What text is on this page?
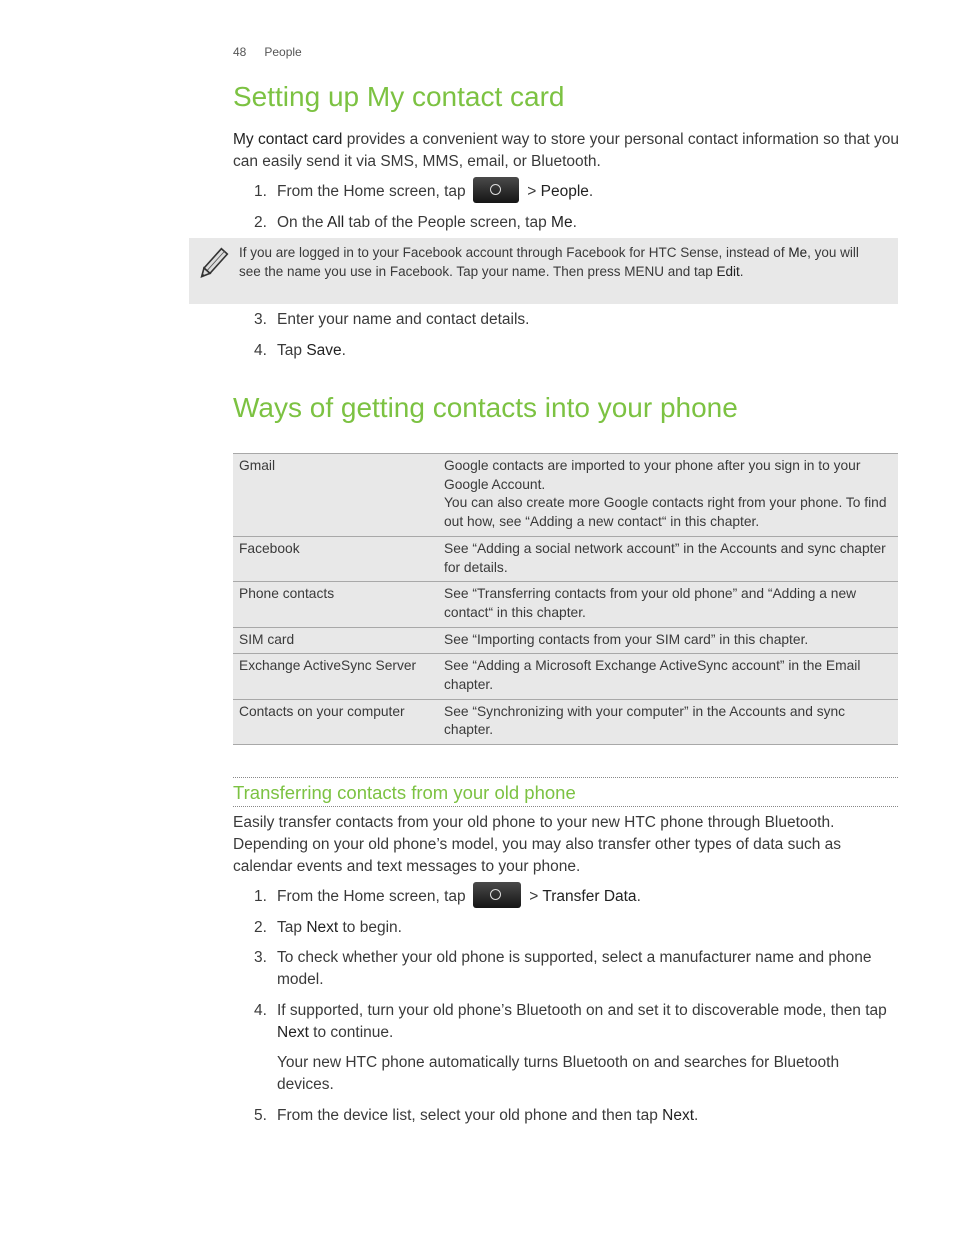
48 People
Setting up My contact card

My contact card provides a convenient way to store your personal contact information so that you can easily send it via SMS, MMS, email, or Bluetooth.

1. From the Home screen, tap	> People.
2. On the All tab of the People screen, tap Me.
If you are logged in to your Facebook account through Facebook for HTC Sense, instead of Me, you will see the name you use in Facebook. Tap your name. Then press MENU and tap Edit.
3. Enter your name and contact details.
4. Tap Save.
Ways of getting contacts into your phone
Gmail	Google contacts are imported to your phone after you sign in to your Google Account.
You can also create more Google contacts right from your phone. To find out how, see “Adding a new contact“ in this chapter.

Facebook	See “Adding a social network account” in the Accounts and sync chapter for details.
Phone contacts	See “Transferring contacts from your old phone” and “Adding a new contact“ in this chapter.
SIM card	See “Importing contacts from your SIM card” in this chapter.
Exchange ActiveSync Server	See “Adding a Microsoft Exchange ActiveSync account” in the Email chapter.
Contacts on your computer	See “Synchronizing with your computer” in the Accounts and sync chapter.
Transferring contacts from your old phone

Easily transfer contacts from your old phone to your new HTC phone through Bluetooth. Depending on your old phone’s model, you may also transfer other types of data such as calendar events and text messages to your phone.

1. From the Home screen, tap	> Transfer Data.
2. Tap Next to begin.
3. To check whether your old phone is supported, select a manufacturer name and phone model.
4. If supported, turn your old phone’s Bluetooth on and set it to discoverable mode, then tap Next to continue.
Your new HTC phone automatically turns Bluetooth on and searches for Bluetooth devices.
5. From the device list, select your old phone and then tap Next.
